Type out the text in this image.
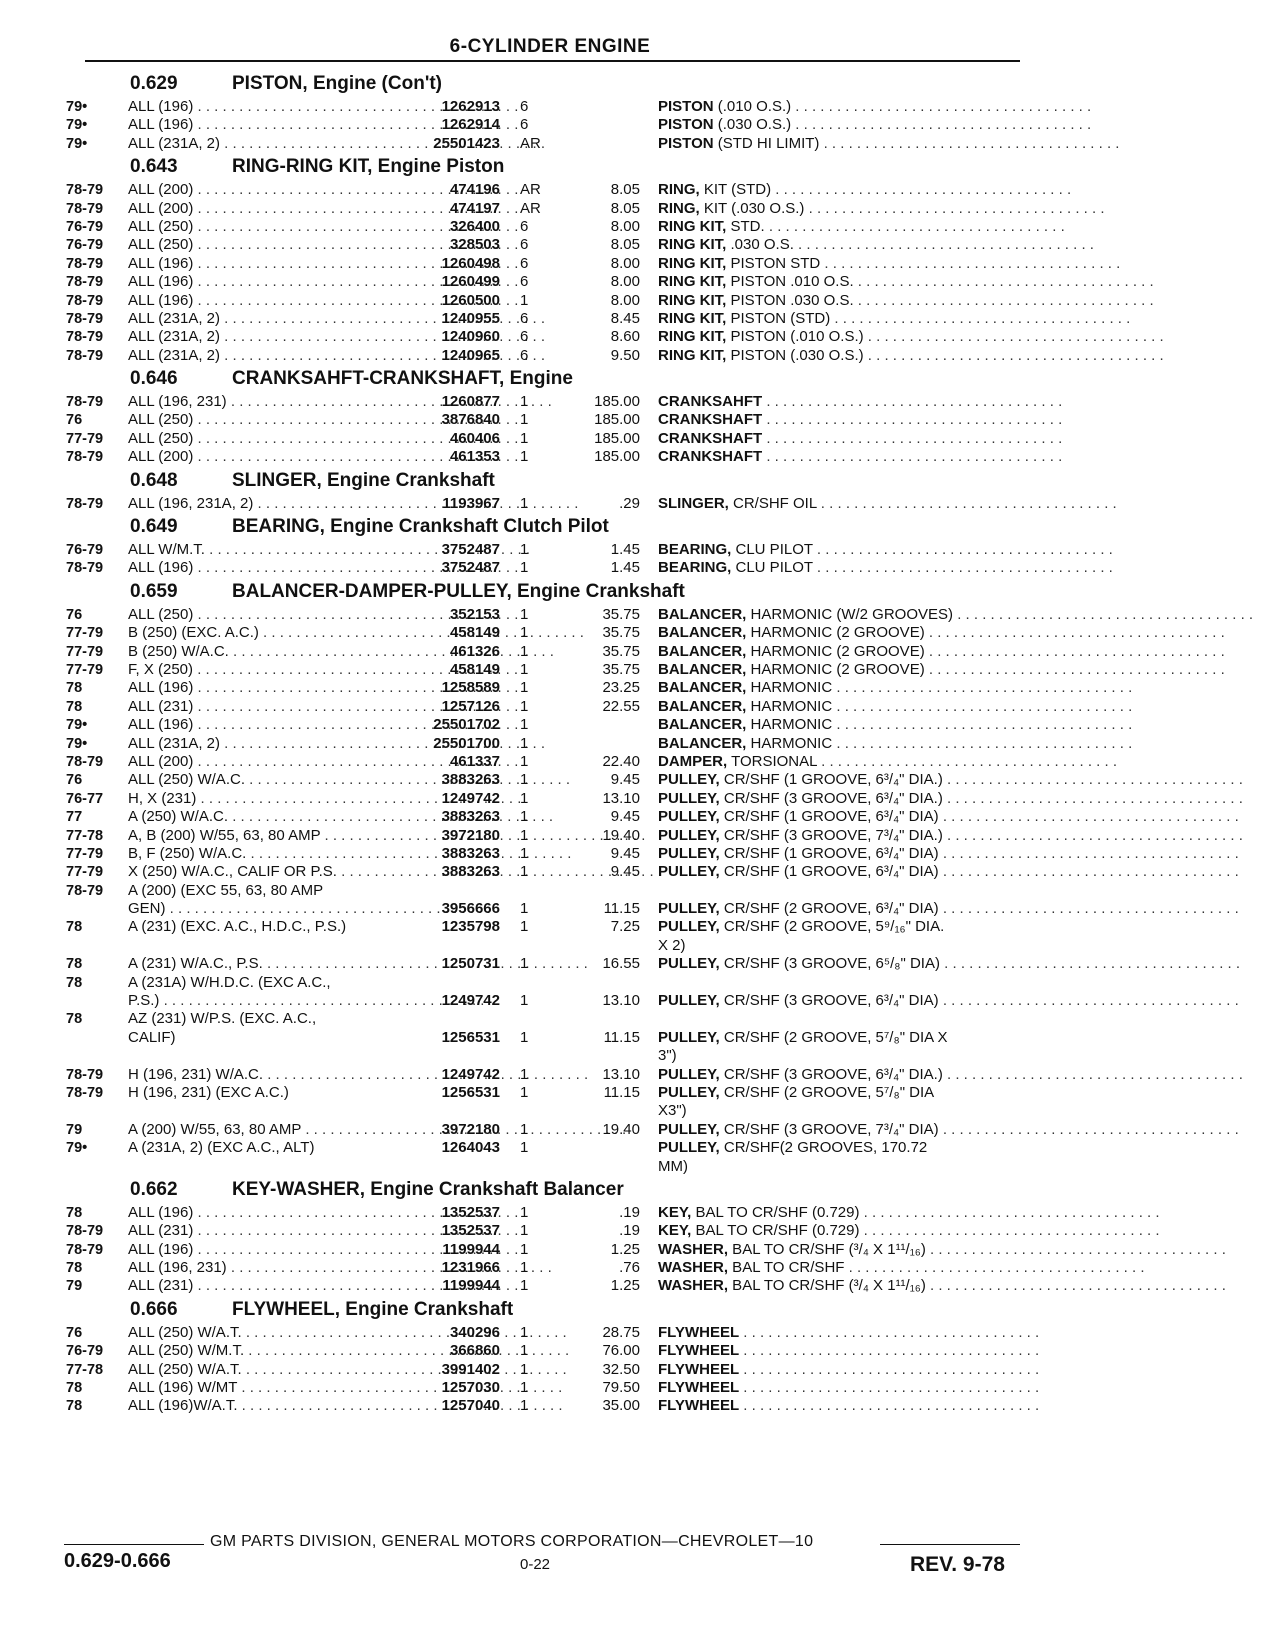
6-CYLINDER ENGINE
0.629	PISTON, Engine (Con't)
79•	ALL (196) . . .	1262913 6	PISTON (.010 O.S.) . . . . . . . . . . . . . . . . . . . . . . . . . . . . . . . . . . . .
79•	ALL (196) . . .	1262914 6	PISTON (.030 O.S.) . . . . . . . . . . . . . . . . . . . . . . . . . . . . . . . . . . . .
79•	ALL (231A, 2) . . .	25501423 AR	PISTON (STD HI LIMIT) . . . . . . . . . . . . . . . . . . . . . . . . . . . . . . . . . . . .
0.643	RING-RING KIT, Engine Piston
78-79 ALL (200) . . .	474196 AR	8.05 RING, KIT (STD) . . . . . . . . . . . . . . . . . . . . . . . . . . . . . . . . . . . .
78-79 ALL (200) . . .	474197 AR	8.05 RING, KIT (.030 O.S.) . . . . . . . . . . . . . . . . . . . . . . . . . . . . . . . . . . . .
76-79 ALL (250) . . .	326400 6	8.00 RING KIT, STD. . . . . . . . . . . . . . . . . . . . . . . . . . . . . . . . . . . . .
76-79 ALL (250) . . .	328503 6	8.05 RING KIT, .030 O.S. . . . . . . . . . . . . . . . . . . . . . . . . . . . . . . . . . . . .
78-79 ALL (196) . . .	1260498 6	8.00 RING KIT, PISTON STD . . . . . . . . . . . . . . . . . . . . . . . . . . . . . . . . . . . .
78-79 ALL (196) . . .	1260499 6	8.00 RING KIT, PISTON .010 O.S. . . . . . . . . . . . . . . . . . . . . . . . . . . . . . . . . . . . .
78-79 ALL (196) . . .	1260500 1	8.00 RING KIT, PISTON .030 O.S. . . . . . . . . . . . . . . . . . . . . . . . . . . . . . . . . . . . .
78-79 ALL (231A, 2) . . .	1240955 6	8.45 RING KIT, PISTON (STD) . . . . . . . . . . . . . . . . . . . . . . . . . . . . . . . . . . . .
78-79 ALL (231A, 2) . . .	1240960 6	8.60 RING KIT, PISTON (.010 O.S.) . . . . . . . . . . . . . . . . . . . . . . . . . . . . . . . . . . . .
78-79 ALL (231A, 2) . . .	1240965 6	9.50 RING KIT, PISTON (.030 O.S.) . . . . . . . . . . . . . . . . . . . . . . . . . . . . . . . . . . . .
0.646	CRANKSAHFT-CRANKSHAFT, Engine
78-79 ALL (196, 231) . . .	1260877 1	185.00 CRANKSAHFT . . . . . . . . . . . . . . . . . . . . . . . . . . . . . . . . . . . .
76	ALL (250) . . .	3876840 1	185.00 CRANKSHAFT . . . . . . . . . . . . . . . . . . . . . . . . . . . . . . . . . . . .
77-79 ALL (250) . . .	460406 1	185.00 CRANKSHAFT . . . . . . . . . . . . . . . . . . . . . . . . . . . . . . . . . . . .
78-79 ALL (200) . . .	461353 1	185.00 CRANKSHAFT . . . . . . . . . . . . . . . . . . . . . . . . . . . . . . . . . . . .
0.648	SLINGER, Engine Crankshaft
78-79 ALL (196, 231A, 2) . . .	1193967 1	.29 SLINGER, CR/SHF OIL . . . . . . . . . . . . . . . . . . . . . . . . . . . . . . . . . . . .
0.649	BEARING, Engine Crankshaft Clutch Pilot
76-79 ALL W/M.T. . . .	3752487 1	1.45 BEARING, CLU PILOT . . . . . . . . . . . . . . . . . . . . . . . . . . . . . . . . . . . .
78-79 ALL (196) . . .	3752487 1	1.45 BEARING, CLU PILOT . . . . . . . . . . . . . . . . . . . . . . . . . . . . . . . . . . . .
0.659	BALANCER-DAMPER-PULLEY, Engine Crankshaft
76	ALL (250) . . .	352153 1	35.75 BALANCER, HARMONIC (W/2 GROOVES) . . . . . . . . . . . . . . . . . . . . . . . . . . . . . . . . . . . .
77-79 B (250) (EXC. A.C.) . . .	458149 1	35.75 BALANCER, HARMONIC (2 GROOVE) . . . . . . . . . . . . . . . . . . . . . . . . . . . . . . . . . . . .
77-79 B (250) W/A.C. . . .	461326 1	35.75 BALANCER, HARMONIC (2 GROOVE) . . . . . . . . . . . . . . . . . . . . . . . . . . . . . . . . . . . .
77-79 F, X (250) . . .	458149 1	35.75 BALANCER, HARMONIC (2 GROOVE) . . . . . . . . . . . . . . . . . . . . . . . . . . . . . . . . . . . .
78	ALL (196) . . .	1258589 1	23.25 BALANCER, HARMONIC . . . . . . . . . . . . . . . . . . . . . . . . . . . . . . . . . . . .
78	ALL (231) . . .	1257126 1	22.55 BALANCER, HARMONIC . . . . . . . . . . . . . . . . . . . . . . . . . . . . . . . . . . . .
79•	ALL (196) . . .	25501702 1	BALANCER, HARMONIC . . . . . . . . . . . . . . . . . . . . . . . . . . . . . . . . . . . .
79•	ALL (231A, 2) . . .	25501700 1	BALANCER, HARMONIC . . . . . . . . . . . . . . . . . . . . . . . . . . . . . . . . . . . .
78-79 ALL (200) . . .	461337 1	22.40 DAMPER, TORSIONAL . . . . . . . . . . . . . . . . . . . . . . . . . . . . . . . . . . . .
76	ALL (250) W/A.C. . . .	3883263 1	9.45 PULLEY, CR/SHF (1 GROOVE, 6³/₄" DIA.) . . . . . . . . . . . . . . . . . . . . . . . . . . . . . . . . . . . .
76-77 H, X (231) . . .	1249742 1	13.10 PULLEY, CR/SHF (3 GROOVE, 6³/₄" DIA.) . . . . . . . . . . . . . . . . . . . . . . . . . . . . . . . . . . . .
77	A (250) W/A.C. . . .	3883263 1	9.45 PULLEY, CR/SHF (1 GROOVE, 6³/₄" DIA) . . . . . . . . . . . . . . . . . . . . . . . . . . . . . . . . . . . .
77-78 A, B (200) W/55, 63, 80 AMP . . .	3972180 1	19.40 PULLEY, CR/SHF (3 GROOVE, 7³/₄" DIA.) . . . . . . . . . . . . . . . . . . . . . . . . . . . . . . . . . . . .
77-79 B, F (250) W/A.C. . . .	3883263 1	9.45 PULLEY, CR/SHF (1 GROOVE, 6³/₄" DIA) . . . . . . . . . . . . . . . . . . . . . . . . . . . . . . . . . . . .
77-79 X (250) W/A.C., CALIF OR P.S. . . .	3883263 1	9.45 PULLEY, CR/SHF (1 GROOVE, 6³/₄" DIA) . . . . . . . . . . . . . . . . . . . . . . . . . . . . . . . . . . . .
78-79 A (200) (EXC 55, 63, 80 AMP
GEN) . . .	3956666 1	11.15 PULLEY, CR/SHF (2 GROOVE, 6³/₄" DIA) . . . . . . . . . . . . . . . . . . . . . . . . . . . . . . . . . . . .
78	A (231) (EXC. A.C., H.D.C., P.S.)	1235798 1	7.25 PULLEY, CR/SHF (2 GROOVE, 5⁹/₁₆" DIA.
X 2)
78	A (231) W/A.C., P.S. . . .	1250731 1	16.55 PULLEY, CR/SHF (3 GROOVE, 6⁵/₈" DIA) . . . . . . . . . . . . . . . . . . . . . . . . . . . . . . . . . . . .
78	A (231A) W/H.D.C. (EXC A.C.,
P.S.) . . .	1249742 1	13.10 PULLEY, CR/SHF (3 GROOVE, 6³/₄" DIA) . . . . . . . . . . . . . . . . . . . . . . . . . . . . . . . . . . . .
78	AZ (231) W/P.S. (EXC. A.C.,
CALIF)	1256531 1	11.15 PULLEY, CR/SHF (2 GROOVE, 5⁷/₈" DIA X
3")
78-79 H (196, 231) W/A.C. . . .	1249742 1	13.10 PULLEY, CR/SHF (3 GROOVE, 6³/₄" DIA.) . . . . . . . . . . . . . . . . . . . . . . . . . . . . . . . . . . . .
78-79 H (196, 231) (EXC A.C.)	1256531 1	11.15 PULLEY, CR/SHF (2 GROOVE, 5⁷/₈" DIA
X3")
79	A (200) W/55, 63, 80 AMP . . .	3972180 1	19.40 PULLEY, CR/SHF (3 GROOVE, 7³/₄" DIA) . . . . . . . . . . . . . . . . . . . . . . . . . . . . . . . . . . . .
79•	A (231A, 2) (EXC A.C., ALT)	1264043 1	PULLEY, CR/SHF(2 GROOVES, 170.72
MM)
0.662	KEY-WASHER, Engine Crankshaft Balancer
78	ALL (196) . . .	1352537 1	.19 KEY, BAL TO CR/SHF (0.729) . . . . . . . . . . . . . . . . . . . . . . . . . . . . . . . . . . . .
78-79 ALL (231) . . .	1352537 1	.19 KEY, BAL TO CR/SHF (0.729) . . . . . . . . . . . . . . . . . . . . . . . . . . . . . . . . . . . .
78-79 ALL (196) . . .	1199944 1	1.25 WASHER, BAL TO CR/SHF (³/₄ X 1¹¹/₁₆) . . . . . . . . . . . . . . . . . . . . . . . . . . . . . . . . . . . .
78	ALL (196, 231) . . .	1231966 1	.76 WASHER, BAL TO CR/SHF . . . . . . . . . . . . . . . . . . . . . . . . . . . . . . . . . . . .
79	ALL (231) . . .	1199944 1	1.25 WASHER, BAL TO CR/SHF (³/₄ X 1¹¹/₁₆) . . . . . . . . . . . . . . . . . . . . . . . . . . . . . . . . . . . .
0.666	FLYWHEEL, Engine Crankshaft
76	ALL (250) W/A.T. . . .	340296 1	28.75 FLYWHEEL . . . . . . . . . . . . . . . . . . . . . . . . . . . . . . . . . . . .
76-79 ALL (250) W/M.T. . . .	366860 1	76.00 FLYWHEEL . . . . . . . . . . . . . . . . . . . . . . . . . . . . . . . . . . . .
77-78 ALL (250) W/A.T. . . .	3991402 1	32.50 FLYWHEEL . . . . . . . . . . . . . . . . . . . . . . . . . . . . . . . . . . . .
78	ALL (196) W/MT . . .	1257030 1	79.50 FLYWHEEL . . . . . . . . . . . . . . . . . . . . . . . . . . . . . . . . . . . .
78	ALL (196)W/A.T. . . .	1257040 1	35.00 FLYWHEEL . . . . . . . . . . . . . . . . . . . . . . . . . . . . . . . . . . . .
GM PARTS DIVISION, GENERAL MOTORS CORPORATION—CHEVROLET—10
0.629-0.666	0-22	REV. 9-78
